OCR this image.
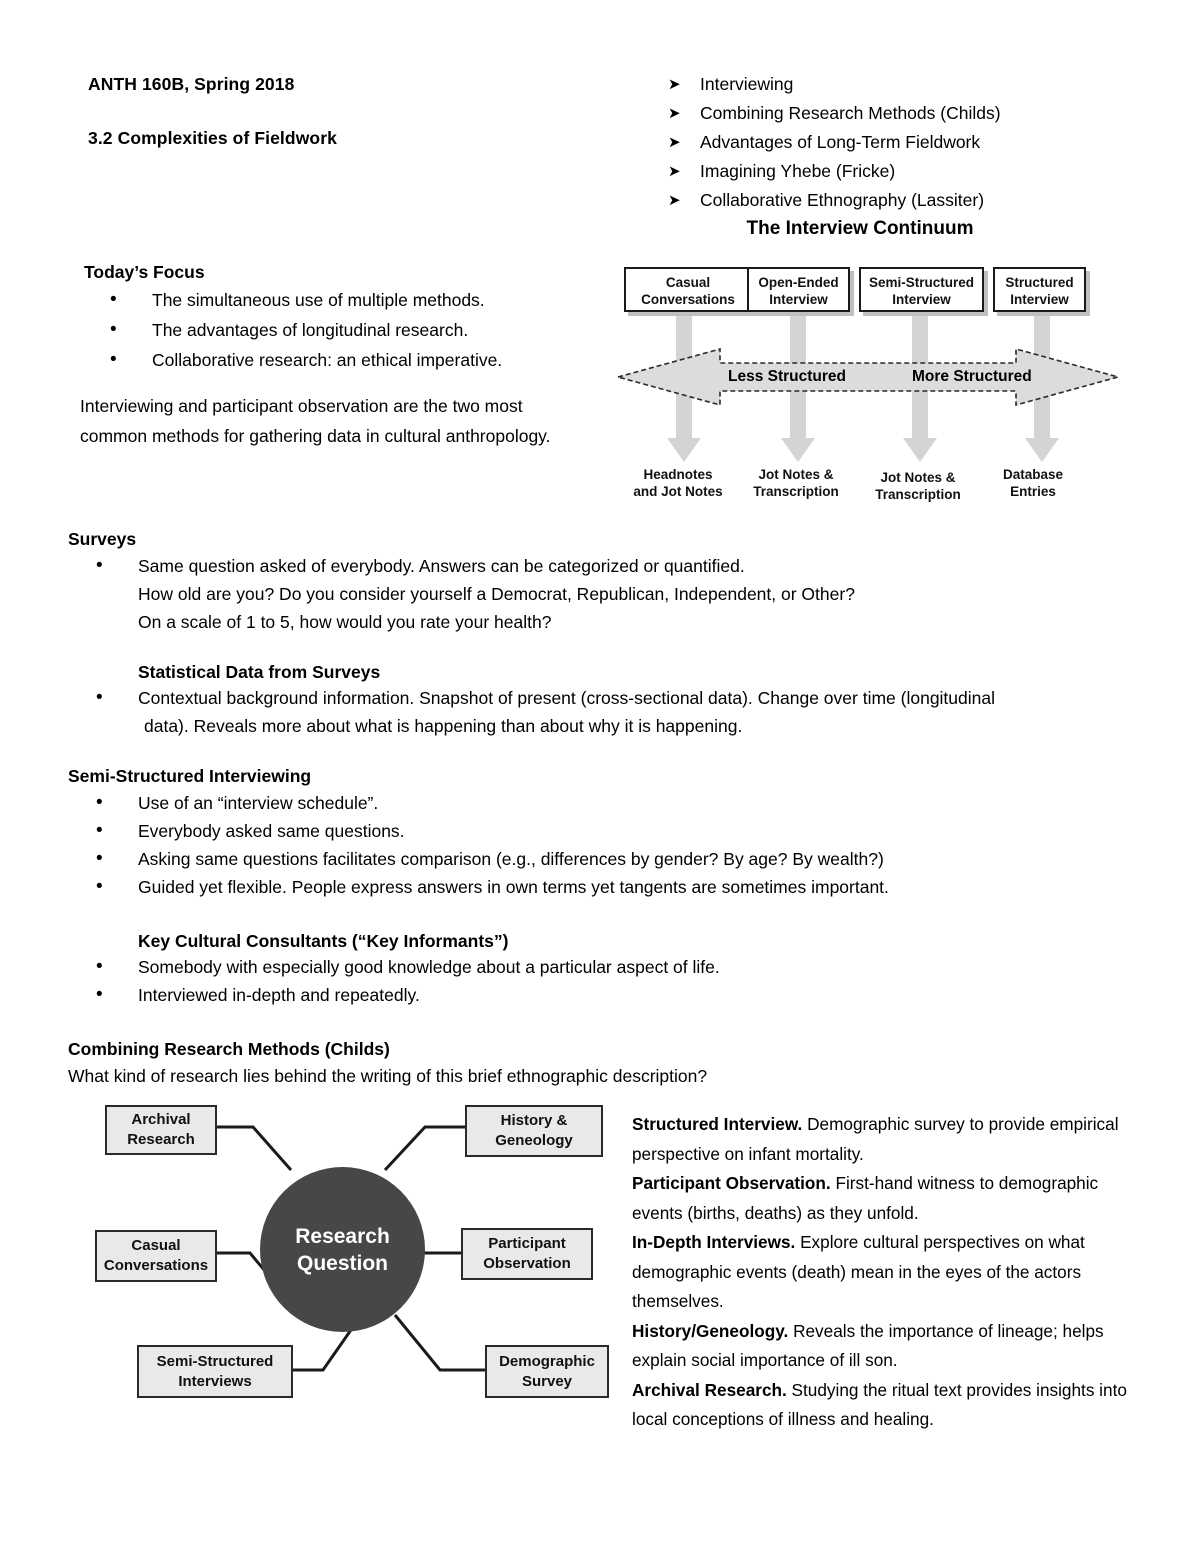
ANTH 160B, Spring 2018
3.2 Complexities of Fieldwork
➤	Interviewing
➤	Combining Research Methods (Childs)
➤	Advantages of Long-Term Fieldwork
➤	Imagining Yhebe (Fricke)
➤	Collaborative Ethnography (Lassiter)
Today’s Focus
•	The simultaneous use of multiple methods.
•	The advantages of longitudinal research.
•	Collaborative research: an ethical imperative.
Interviewing and participant observation are the two most common methods for gathering data in cultural anthropology.
The Interview Continuum
Casual
Conversations
Open-Ended
Interview
Semi-Structured
Interview
Structured
Interview
Less Structured	More Structured
Headnotes
and Jot Notes
Jot Notes &
Transcription
Jot Notes &
Transcription
Database
Entries
Surveys
•	Same question asked of everybody. Answers can be categorized or quantified.
How old are you? Do you consider yourself a Democrat, Republican, Independent, or Other?
On a scale of 1 to 5, how would you rate your health?
Statistical Data from Surveys
•	Contextual background information. Snapshot of present (cross-sectional data). Change over time (longitudinal
data). Reveals more about what is happening than about why it is happening.
Semi-Structured Interviewing
•	Use of an “interview schedule”.
•	Everybody asked same questions.
•	Asking same questions facilitates comparison (e.g., differences by gender? By age? By wealth?)
•	Guided yet flexible. People express answers in own terms yet tangents are sometimes important.
Key Cultural Consultants (“Key Informants”)
•	Somebody with especially good knowledge about a particular aspect of life.
•	Interviewed in-depth and repeatedly.
Combining Research Methods (Childs)
What kind of research lies behind the writing of this brief ethnographic description?
Research
Question
Archival
Research
History &
Geneology
Casual
Conversations
Participant
Observation
Semi-Structured
Interviews
Demographic
Survey

Structured Interview. Demographic survey to provide empirical perspective on infant mortality.

Participant Observation. First-hand witness to demographic events (births, deaths) as they unfold.

In-Depth Interviews. Explore cultural perspectives on what demographic events (death) mean in the eyes of the actors themselves.

History/Geneology. Reveals the importance of lineage; helps explain social importance of ill son.

Archival Research. Studying the ritual text provides insights into local conceptions of illness and healing.
